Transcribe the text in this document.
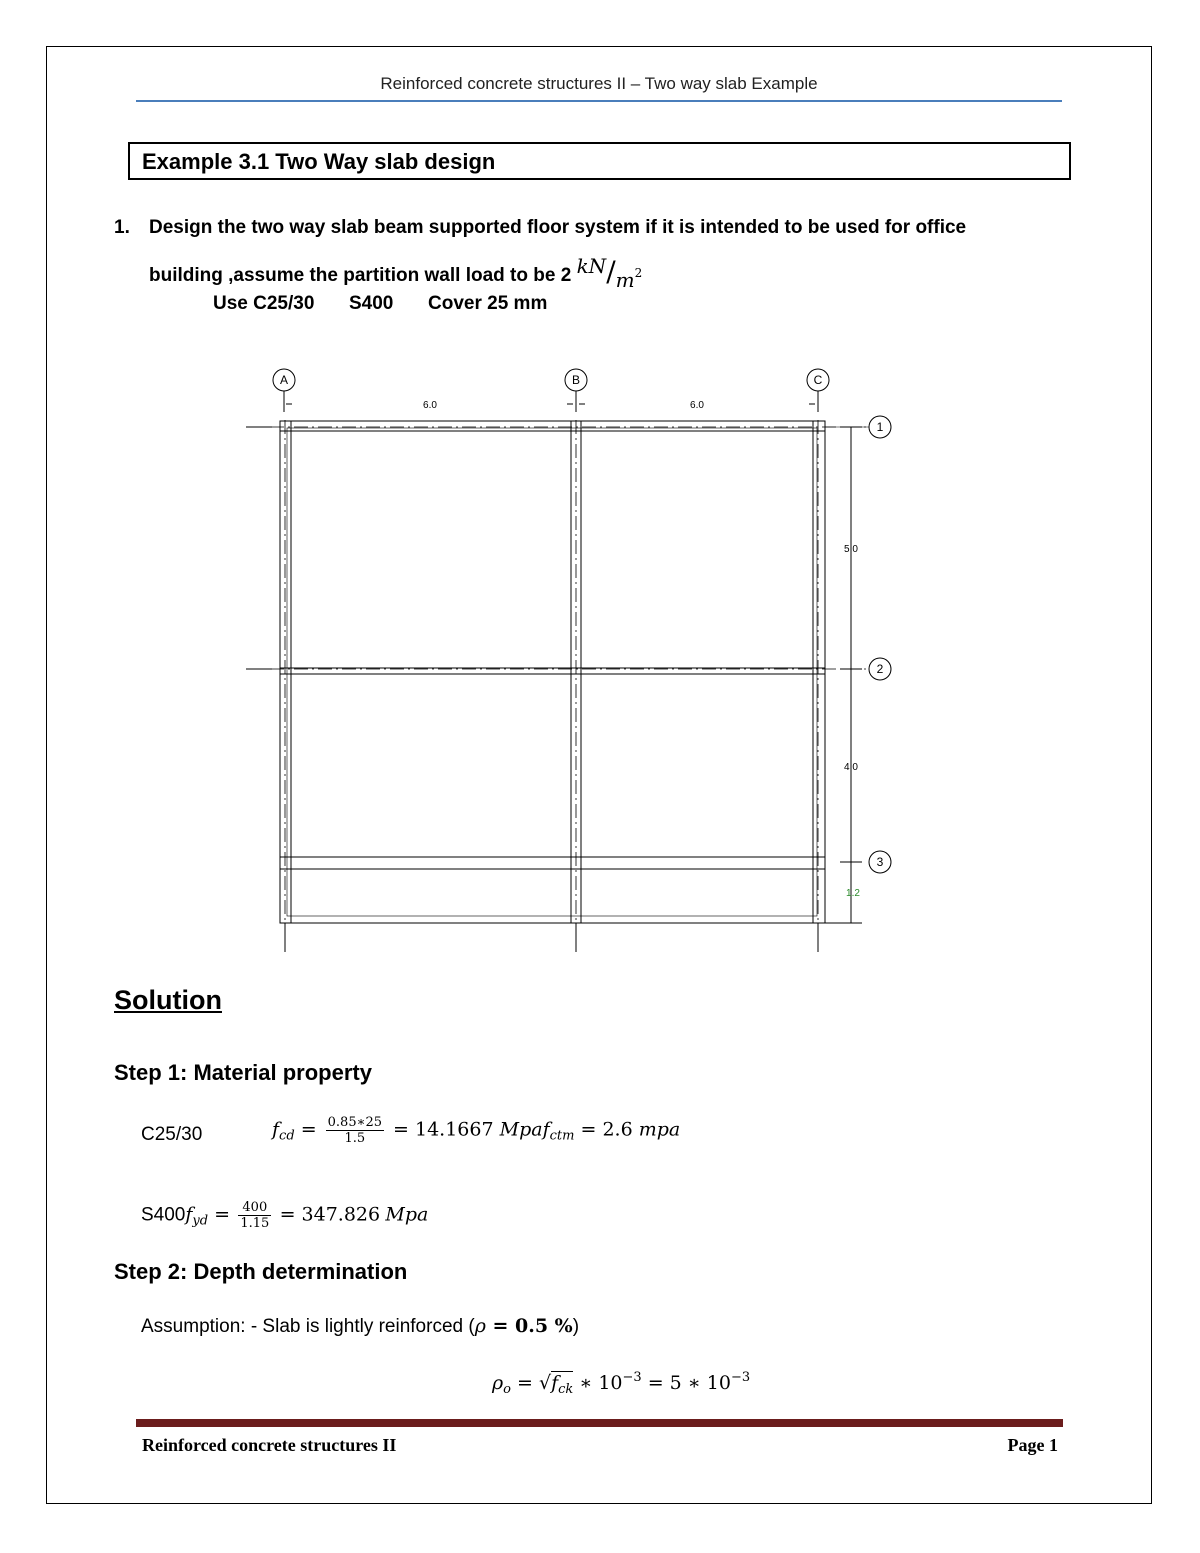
Reinforced concrete structures II – Two way slab Example
Example 3.1 Two Way slab design
1. Design the two way slab beam supported floor system if it is intended to be used for office
building ,assume the partition wall load to be 2 $kN/m^2$
Use C25/30 S400 Cover 25 mm
A	B	C
1
2
3
6.0	6.0
5.0
4.0
1.2
Solution
Step 1: Material property
C25/30	$f_{cd} = \frac{0.85∗25}{1.5} = 14.1667$ Mpaf$_{ctm}$ = 2.6 mpa
$S400f_{yd} = \frac{400}{1.15} = 347.826$ Mpa
Step 2: Depth determination
Assumption: - Slab is lightly reinforced (ρ = 0.5 %)
$\rho_o = √f_{ck}$ ∗ $10^{-3} = 5$ ∗ $10^{-3}$
Reinforced concrete structures II	Page 1
